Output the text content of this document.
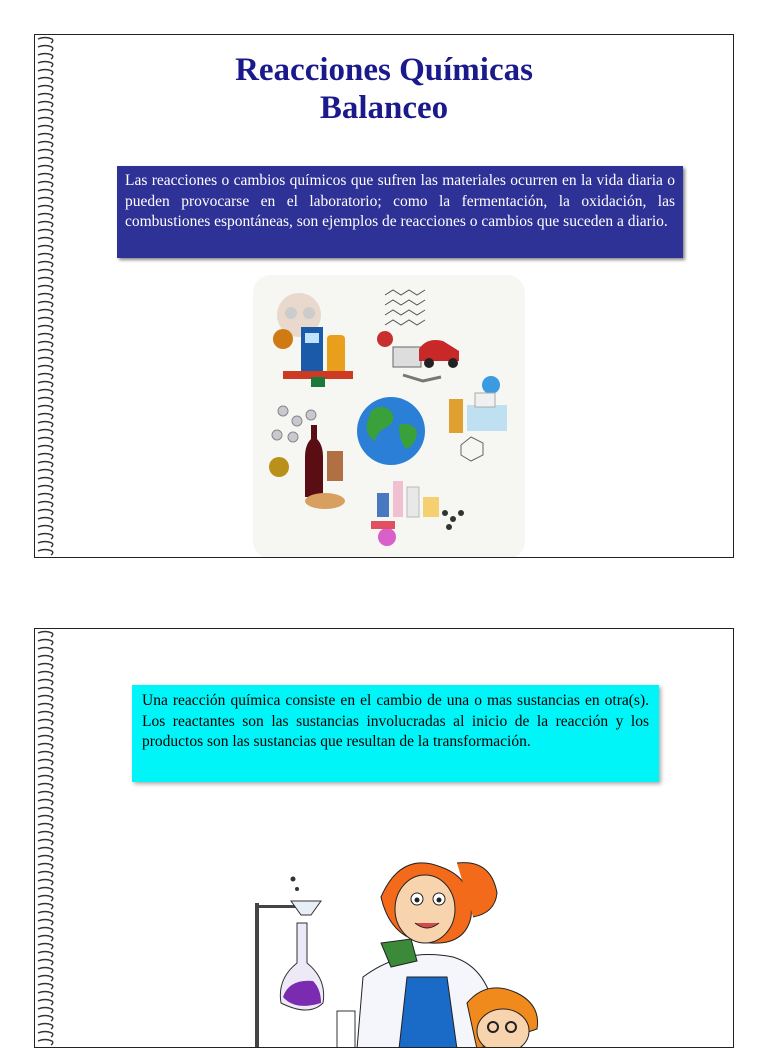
Reacciones Químicas
Balanceo
Las reacciones o cambios químicos que sufren las materiales ocurren en la vida diaria o pueden provocarse en el laboratorio; como la fermentación, la oxidación, las combustiones espontáneas, son ejemplos de reacciones o cambios que suceden a diario.
Una reacción química consiste en el cambio de una o mas sustancias en otra(s). Los reactantes son las sustancias involucradas al inicio de la reacción y los productos son las sustancias que resultan de la transformación.
